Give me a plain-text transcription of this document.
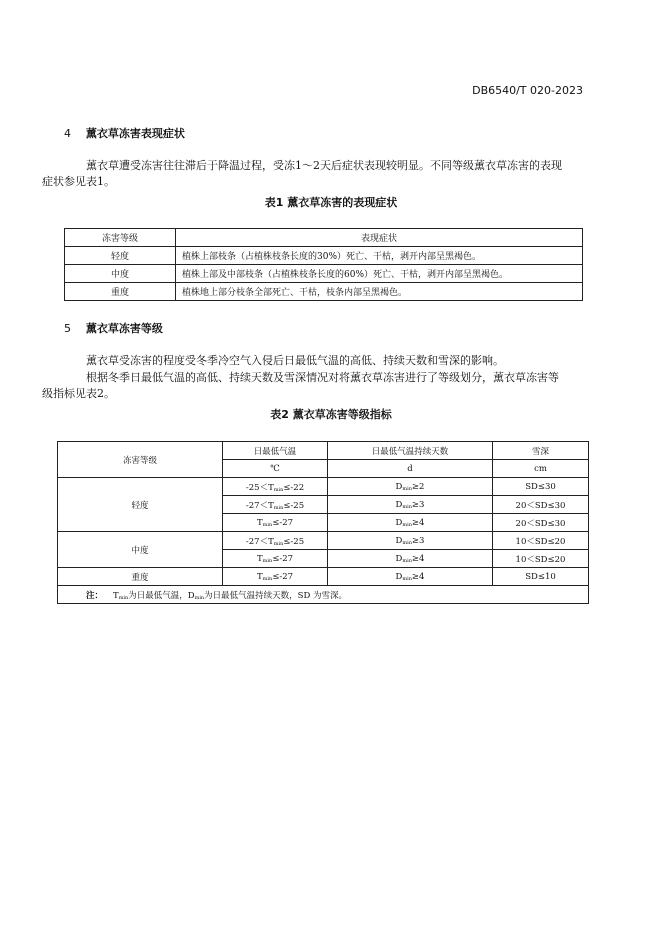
DB6540/T 020-2023
4 薰衣草冻害表现症状
薰衣草遭受冻害往往滞后于降温过程，受冻1～2天后症状表现较明显。不同等级薰衣草冻害的表现
症状参见表1。
表1 薰衣草冻害的表现症状
冻害等级	表现症状
轻度	植株上部枝条（占植株枝条长度的30%）死亡、干枯，剥开内部呈黑褐色。
中度	植株上部及中部枝条（占植株枝条长度的60%）死亡、干枯，剥开内部呈黑褐色。
重度	植株地上部分枝条全部死亡、干枯，枝条内部呈黑褐色。
5 薰衣草冻害等级
薰衣草受冻害的程度受冬季冷空气入侵后日最低气温的高低、持续天数和雪深的影响。
根据冬季日最低气温的高低、持续天数及雪深情况对将薰衣草冻害进行了等级划分，薰衣草冻害等
级指标见表2。
表2 薰衣草冻害等级指标
冻害等级	日最低气温	日最低气温持续天数	雪深
	℃	d	cm
轻度	$-25<T_{min}\le-22$	$D_{min}\ge 2$	SD≤30
	$-27<T_{min}\le-25$	$D_{min}\ge 3$	20＜SD≤30
	$T_{min}\le-27$	$D_{min}\ge 4$	20＜SD≤30
中度	$-27<T_{min}\le-25$	$D_{min}\ge 3$	10＜SD≤20
	$T_{min}\le-27$	$D_{min}\ge 4$	10＜SD≤20
重度	$T_{min}\le-27$	$D_{min}\ge 4$	SD≤10
注： $T_{min}$为日最低气温，$D_{min}$为日最低气温持续天数，SD 为雪深。			
